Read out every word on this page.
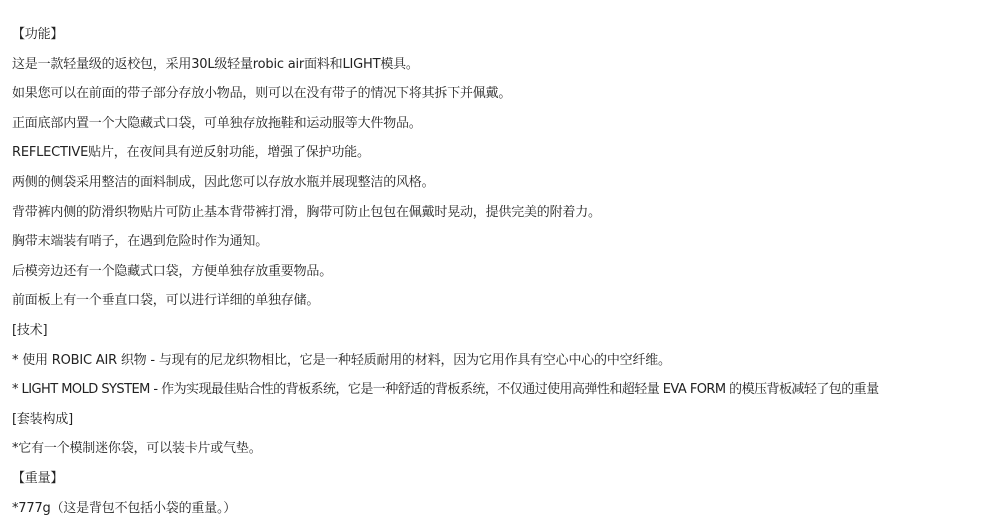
【功能】
这是一款轻量级的返校包，采用30L级轻量robic air面料和LIGHT模具。
如果您可以在前面的带子部分存放小物品，则可以在没有带子的情况下将其拆下并佩戴。
正面底部内置一个大隐藏式口袋，可单独存放拖鞋和运动服等大件物品。
REFLECTIVE贴片，在夜间具有逆反射功能，增强了保护功能。
两侧的侧袋采用整洁的面料制成，因此您可以存放水瓶并展现整洁的风格。
背带裤内侧的防滑织物贴片可防止基本背带裤打滑，胸带可防止包包在佩戴时晃动，提供完美的附着力。
胸带末端装有哨子，在遇到危险时作为通知。
后模旁边还有一个隐藏式口袋，方便单独存放重要物品。
前面板上有一个垂直口袋，可以进行详细的单独存储。
[技术]
* 使用 ROBIC AIR 织物 - 与现有的尼龙织物相比，它是一种轻质耐用的材料，因为它用作具有空心中心的中空纤维。
* LIGHT MOLD SYSTEM - 作为实现最佳贴合性的背板系统，它是一种舒适的背板系统，不仅通过使用高弹性和超轻量 EVA FORM 的模压背板减轻了包的重量
[套装构成]
*它有一个模制迷你袋，可以装卡片或气垫。
【重量】
*777g（这是背包不包括小袋的重量。）
